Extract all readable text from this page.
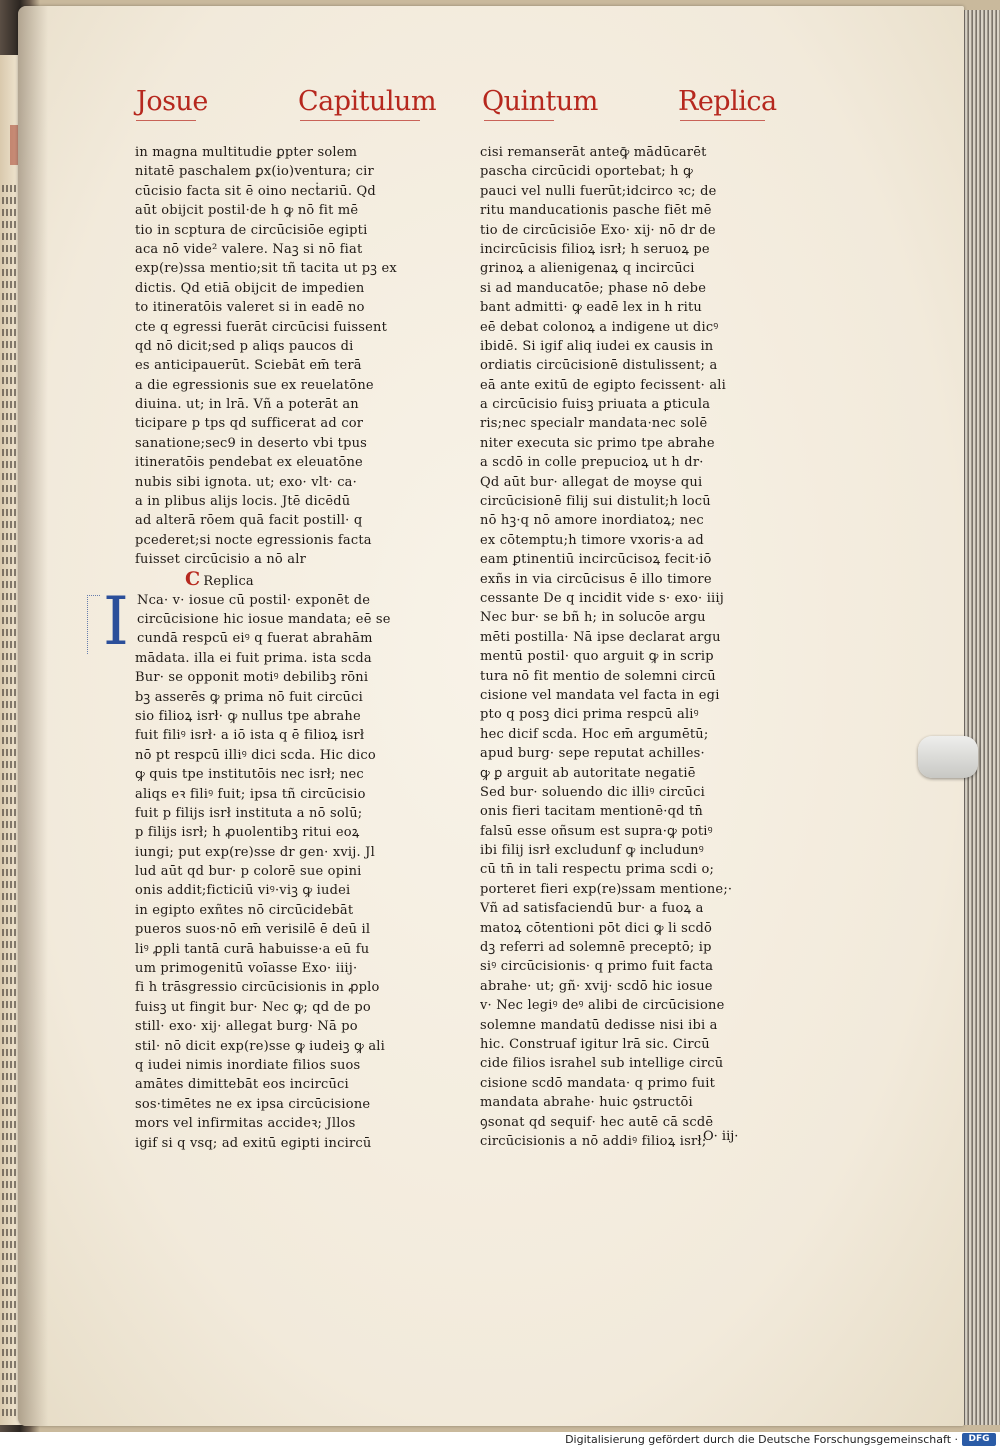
Josue	Capitulum Quintum	Replica
in magna multitudie ꝑpter solem
nitatē paschalem ꝑx(io)ventura; cir
cūcisio facta sit ē oino necṫariū. Qd
aūt obijcit postil·de h ꝙ nō fit mē
tio in scptura de circūcisiōe egipti
aca nō vide² valere. Naꝫ si nō fiat
exp(re)ssa mentio;sit tñ tacita ut pꝫ ex
dictis. Qd etiā obijcit de impedien
to itineratōis valeret si in eadē no
cte q egressi fuerāt circūcisi fuissent
qd nō dicit;sed p aliqs paucos di
es anticipauerūt. Sciebāt em̄ terā
a die egressionis sue ex reuelatōne
diuina. ut; in lrā. Vñ a poterāt an
ticipare p tps qd sufficerat ad cor
sanatione;sec9 in deserto vbi tpus
itineratōis pendebat ex eleuatōne
nubis sibi ignota. ut; exo· vlt· ca·
a in plibus alijs locis. Jtē dicēdū
ad alterā rōem quā facit postill· q
pcederet;si nocte egressionis facta
fuisset circūcisio a nō alr
C Replica
I Nca· v· iosue cū postil· exponēt de
circūcisione hic iosue mandata; eē se
cundā respcū eiꝰ q fuerat abrahām
mādata. illa ei fuit prima. ista scda
Bur· se opponit motiꝰ debilibꝫ rōni
bꝫ asserēs ꝙ prima nō fuit circūci
sio filioꝝ isrł· ꝙ nullus tpe abrahe
fuit filiꝰ isrł· a iō ista q ē filioꝝ isrł
nō pt respcū illiꝰ dici scda. Hic dico
ꝙ quis tpe institutōis nec isrł; nec
aliqs eꝛ filiꝰ fuit; ipsa tñ circūcisio
fuit p filijs isrł instituta a nō solū;
p filijs isrł; h ꝓuolentibꝫ ritui eoꝝ
iungi; put exp(re)sse dr gen· xvij. Jl
lud aūt qd bur· p colorē sue opini
onis addit;ficticiū viꝰ·viꝫ ꝙ iudei
in egipto exñtes nō circūcidebāt
pueros suos·nō em̄ verisilē ē deū il
liꝰ ꝓpli tantā curā habuisse·a eū fu
um primogenitū voīasse Exo· iiij·
fi h trāsgressio circūcisionis in ꝓplo
fuisꝫ ut fingit bur· Nec ꝙ; qd de po
still· exo· xij· allegat burg· Nā po
stil· nō dicit exp(re)sse ꝙ iudeiꝫ ꝙ ali
q iudei nimis inordiate filios suos
amātes dimittebāt eos incircūci
sos·timētes ne ex ipsa circūcisione
mors vel infirmitas accideꝛ; Jllos
igif si q vsq; ad exitū egipti incircū
cisi remanserāt anteꝙ̄ mādūcarēt
pascha circūcidi oportebat; h ꝙ
pauci vel nulli fuerūt;idcirco ꝛc; de
ritu manducationis pasche fiēt mē
tio de circūcisiōe Exo· xij· nō dr de
incircūcisis filioꝝ isrł; h seruoꝝ pe
grinoꝝ a alienigenaꝝ q incircūci
si ad manducatōe; phase nō debe
bant admitti· ꝙ eadē lex in h ritu
eē debat colonoꝝ a indigene ut dicꝰ
ibidē. Si igif aliq iudei ex causis in
ordiatis circūcisionē distulissent; a
eā ante exitū de egipto fecissent· ali
a circūcisio fuisꝫ priuata a ꝑticula
ris;nec specialr mandata·nec solē
niter executa sic primo tpe abrahe
a scdō in colle prepucioꝝ ut h dr·
Qd aūt bur· allegat de moyse qui
circūcisionē filij sui distulit;h locū
nō hꝫ·q nō amore inordiatoꝝ; nec
ex cōtemptu;h timore vxoris·a ad
eam ꝑtinentiū incircūcisoꝝ fecit·iō
exñs in via circūcisus ē illo timore
cessante De q incidit vide s· exo· iiij
Nec bur· se bñ h; in solucōe argu
mēti postilla· Nā ipse declarat argu
mentū postil· quo arguit ꝙ in scrip
tura nō fit mentio de solemni circū
cisione vel mandata vel facta in egi
pto q posꝫ dici prima respcū aliꝰ
hec dicif scda. Hoc em̄ argumētū;
apud burg· sepe reputat achilles·
ꝙ ꝑ arguit ab autoritate negatiē
Sed bur· soluendo dic illiꝰ circūci
onis fieri tacitam mentionē·qd tn̄
falsū esse oñsum est supra·ꝙ potiꝰ
ibi filij isrł excludunf ꝙ includunꝰ
cū tn̄ in tali respectu prima scdi o;
porteret fieri exp(re)ssam mentione;·
Vñ ad satisfaciendū bur· a fuoꝝ a
matoꝝ cōtentioni pōt dici ꝙ li scdō
dꝫ referri ad solemnē preceptō; ip
siꝰ circūcisionis· q primo fuit facta
abrahe· ut; gñ· xvij· scdō hic iosue
v· Nec legiꝰ deꝰ alibi de circūcisione
solemne mandatū dedisse nisi ibi a
hic. Construaf igitur lrā sic. Circū
cide filios israhel sub intellige circū
cisione scdō mandata· q primo fuit
mandata abrahe· huic ꝯstructōi
ꝯsonat qd sequif· hec autē cā scdē
circūcisionis a nō addiꝰ filioꝝ isrł;
O· iij·
Digitalisierung gefördert durch die Deutsche Forschungsgemeinschaft ·	DFG
